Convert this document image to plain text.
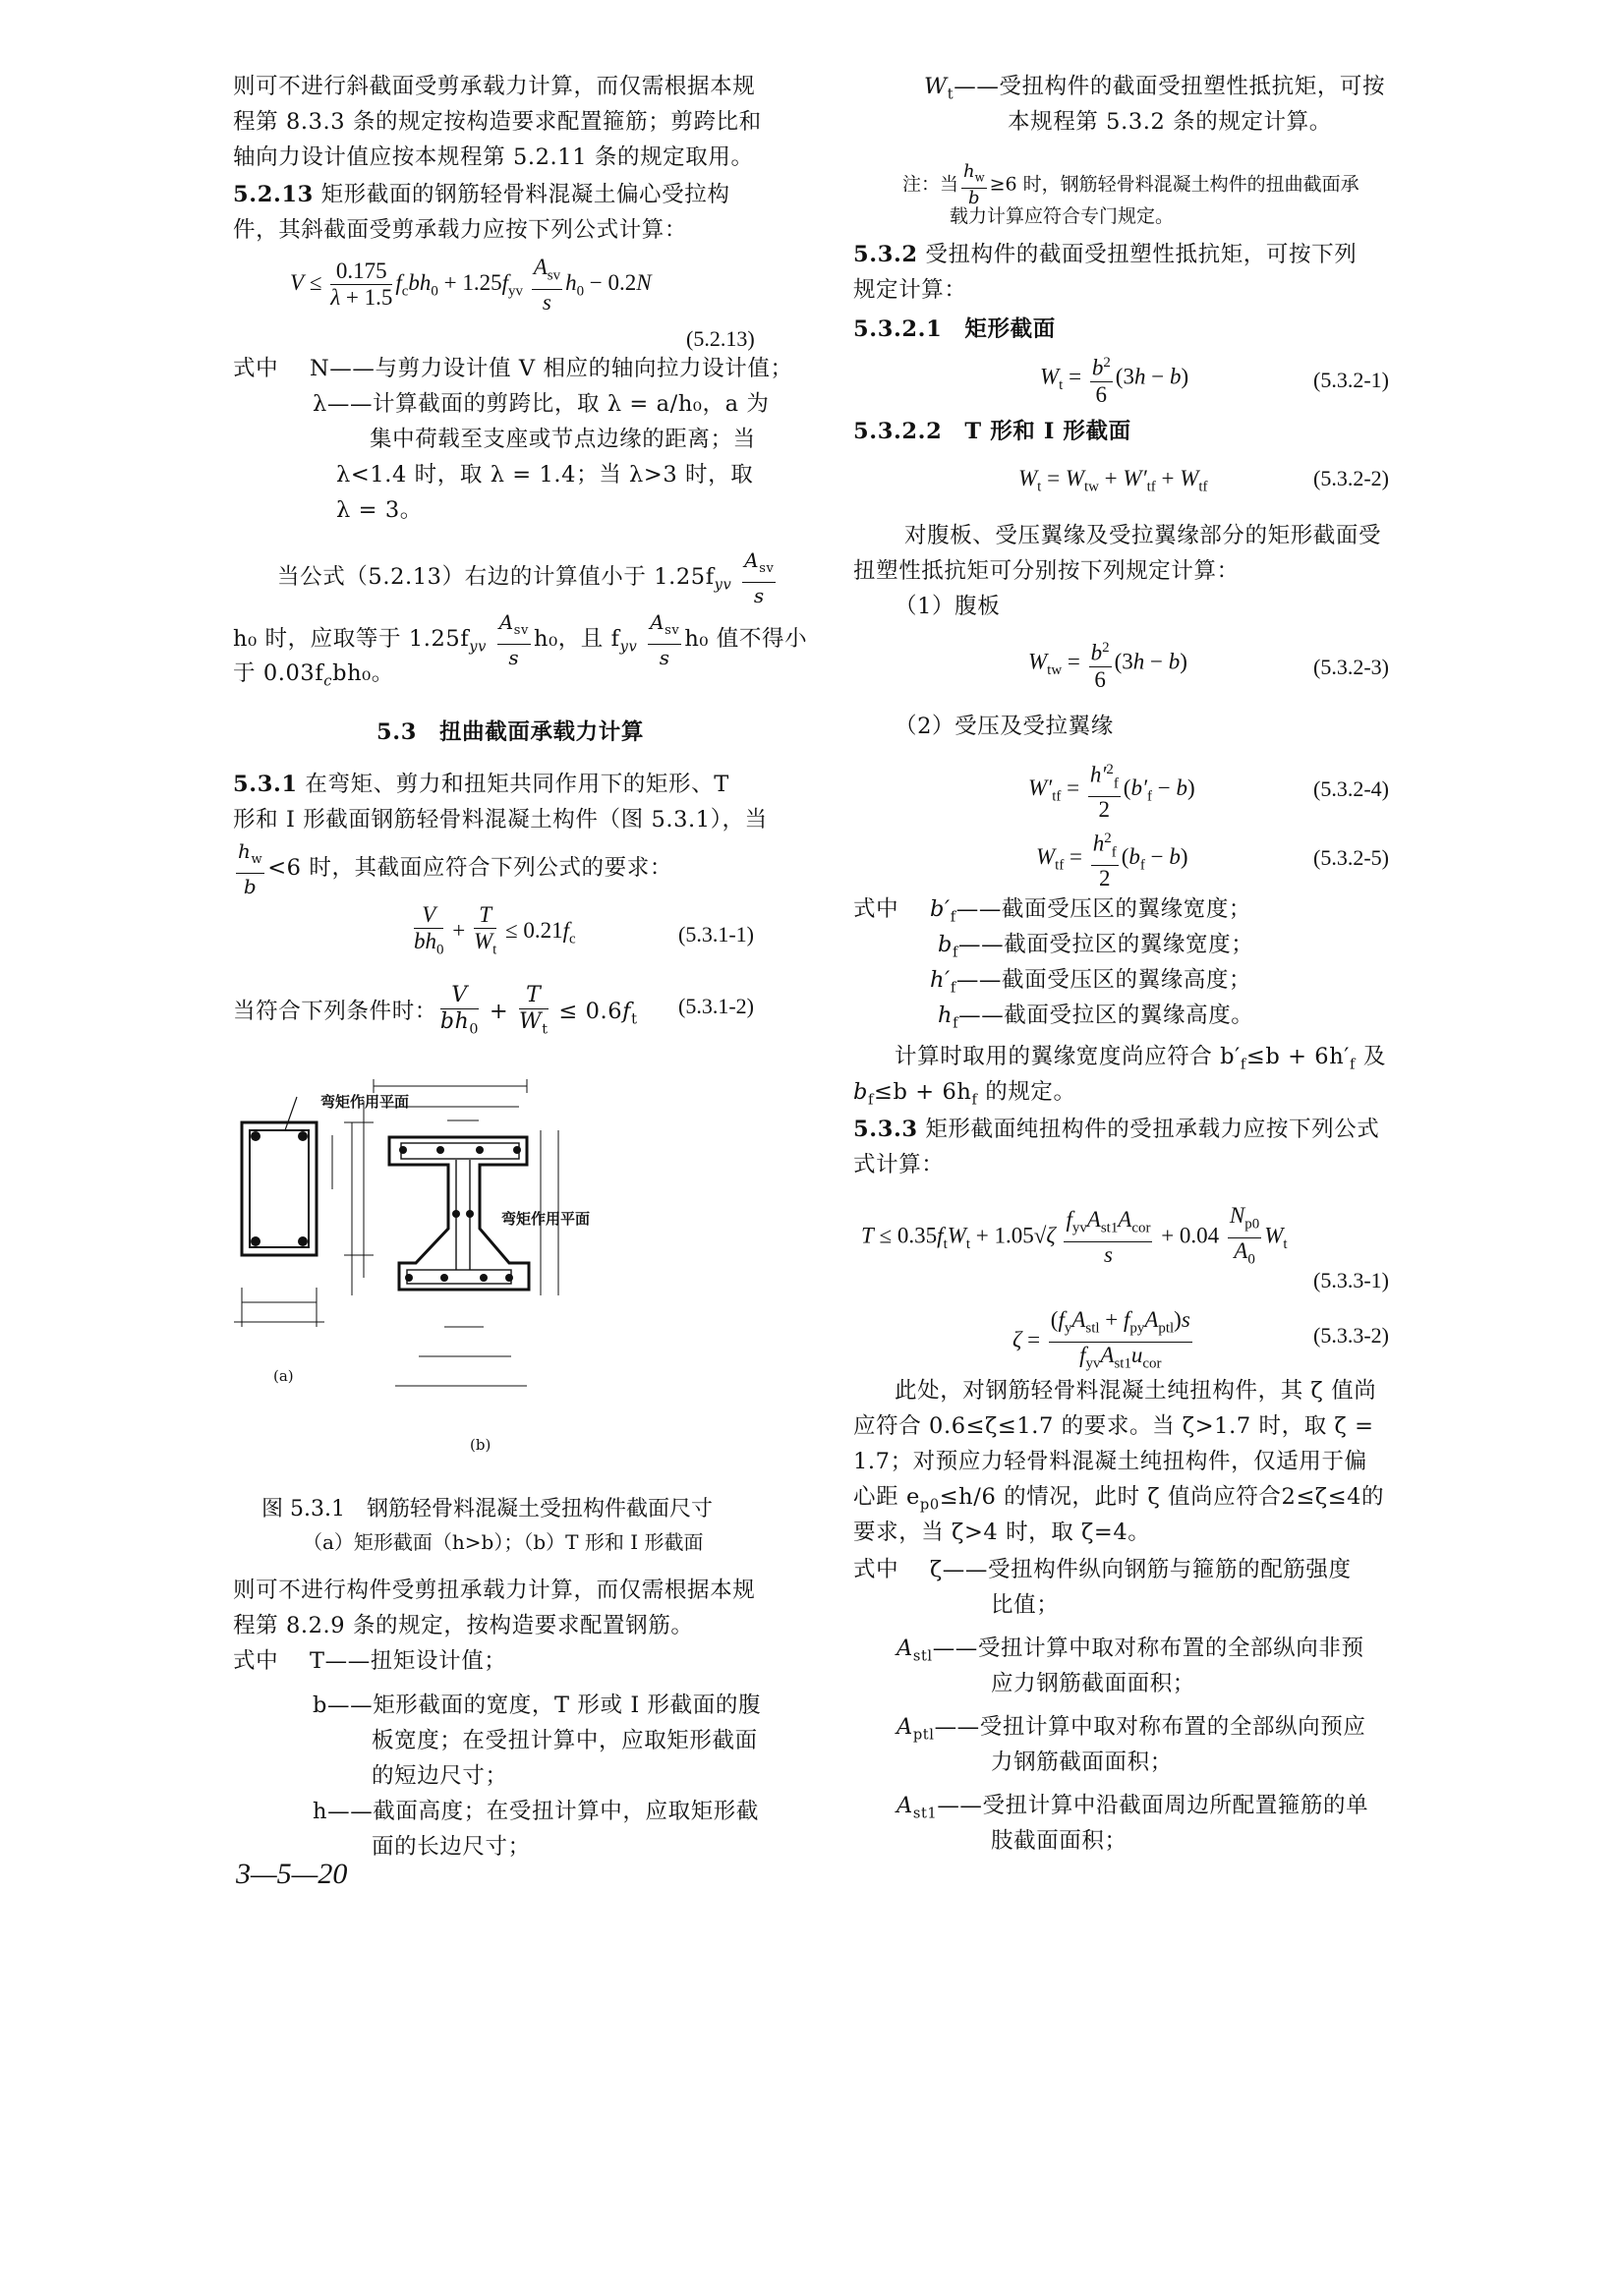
则可不进行斜截面受剪承载力计算，而仅需根据本规
程第 8.3.3 条的规定按构造要求配置箍筋；剪跨比和
轴向力设计值应按本规程第 5.2.11 条的规定取用。
5.2.13 矩形截面的钢筋轻骨料混凝土偏心受拉构
件，其斜截面受剪承载力应按下列公式计算：
$V \le \frac{0.175}{\lambda + 1.5} f_cbh_0 + 1.25f_{yv} \frac{A_{sv}}{s} h_0 - 0.2N$
(5.2.13)
式中 N——与剪力设计值 V 相应的轴向拉力设计值；
λ——计算截面的剪跨比，取 λ = a/h₀，a 为
集中荷载至支座或节点边缘的距离；当
λ<1.4 时，取 λ = 1.4；当 λ>3 时，取
λ = 3。
当公式（5.2.13）右边的计算值小于 $1.25f_{yv} \frac{A_{sv}}{s}$
h₀ 时，应取等于 $1.25f_{yv} \frac{A_{sv}}{s} h_0$，且 $f_{yv} \frac{A_{sv}}{s} h_0$ 值不得小
于 $0.03f_cbh_0$。
5.3　扭曲截面承载力计算
5.3.1 在弯矩、剪力和扭矩共同作用下的矩形、T
形和 I 形截面钢筋轻骨料混凝土构件（图 5.3.1），当
$\frac{h_w}{b} <6$ 时，其截面应符合下列公式的要求：
$\frac{V}{bh_0} + \frac{T}{W_t} \le 0.21f_c$	(5.3.1-1)
当符合下列条件时： $\frac{V}{bh_0} + \frac{T}{W_t} \le 0.6f_t$
(5.3.1-2)
弯矩作用平面
弯矩作用平面
(a)
(b)
图 5.3.1　钢筋轻骨料混凝土受扭构件截面尺寸
（a）矩形截面（h>b）；（b）T 形和 I 形截面
则可不进行构件受剪扭承载力计算，而仅需根据本规
程第 8.2.9 条的规定，按构造要求配置钢筋。
式中 T——扭矩设计值；
b——矩形截面的宽度，T 形或 I 形截面的腹
板宽度；在受扭计算中，应取矩形截面
的短边尺寸；
h——截面高度；在受扭计算中，应取矩形截
面的长边尺寸；
3—5—20
$W_t——$受扭构件的截面受扭塑性抵抗矩，可按
本规程第 5.3.2 条的规定计算。
注：当 $\frac{h_w}{b} \ge 6$ 时，钢筋轻骨料混凝土构件的扭曲截面承
载力计算应符合专门规定。
5.3.2 受扭构件的截面受扭塑性抵抗矩，可按下列
规定计算：
5.3.2.1　矩形截面
$W_t = \frac{b^2}{6} (3h - b)$	(5.3.2-1)
5.3.2.2　T 形和 I 形截面
$W_t = W_{tw} + W'_{tf} + W_{tf}$	(5.3.2-2)
对腹板、受压翼缘及受拉翼缘部分的矩形截面受
扭塑性抵抗矩可分别按下列规定计算：
（1）腹板
$W_{tw} = \frac{b^2}{6} (3h - b)$	(5.3.2-3)
（2）受压及受拉翼缘
$W'_{tf} = \frac{h'^2_f}{2} (b'_f - b)$	(5.3.2-4)
$W_{tf} = \frac{h^2_f}{2} (b_f - b)$	(5.3.2-5)
式中 $b'_f——$截面受压区的翼缘宽度；
$b_f——$截面受拉区的翼缘宽度；
$h'_f——$截面受压区的翼缘高度；
$h_f——$截面受拉区的翼缘高度。
计算时取用的翼缘宽度尚应符合 $b'_f\le b + 6h'_f$ 及
$b_f\le b + 6h_f$ 的规定。
5.3.3 矩形截面纯扭构件的受扭承载力应按下列公式
式计算：
$T \le 0.35f_tW_t + 1.05√\zeta \frac{f_{yv}A_{st1}A_{cor}}{s} + 0.04 \frac{N_{p0}}{A_0} W_t$
(5.3.3-1)
$\zeta = \frac{(f_yA_{stl} + f_{py}A_{ptl})s}{f_{yv}A_{st1}u_{cor}}$	(5.3.3-2)
此处，对钢筋轻骨料混凝土纯扭构件，其 ζ 值尚
应符合 0.6≤ζ≤1.7 的要求。当 ζ>1.7 时，取 ζ =
1.7；对预应力轻骨料混凝土纯扭构件，仅适用于偏
心距 $e_{p0}\le h/6$ 的情况，此时 ζ 值尚应符合2≤ζ≤4的
要求，当 ζ>4 时，取 ζ=4。
式中 ζ——受扭构件纵向钢筋与箍筋的配筋强度
比值；
$A_{stl}——$受扭计算中取对称布置的全部纵向非预
应力钢筋截面面积；
$A_{ptl}——$受扭计算中取对称布置的全部纵向预应
力钢筋截面面积；
$A_{st1}——$受扭计算中沿截面周边所配置箍筋的单
肢截面面积；
